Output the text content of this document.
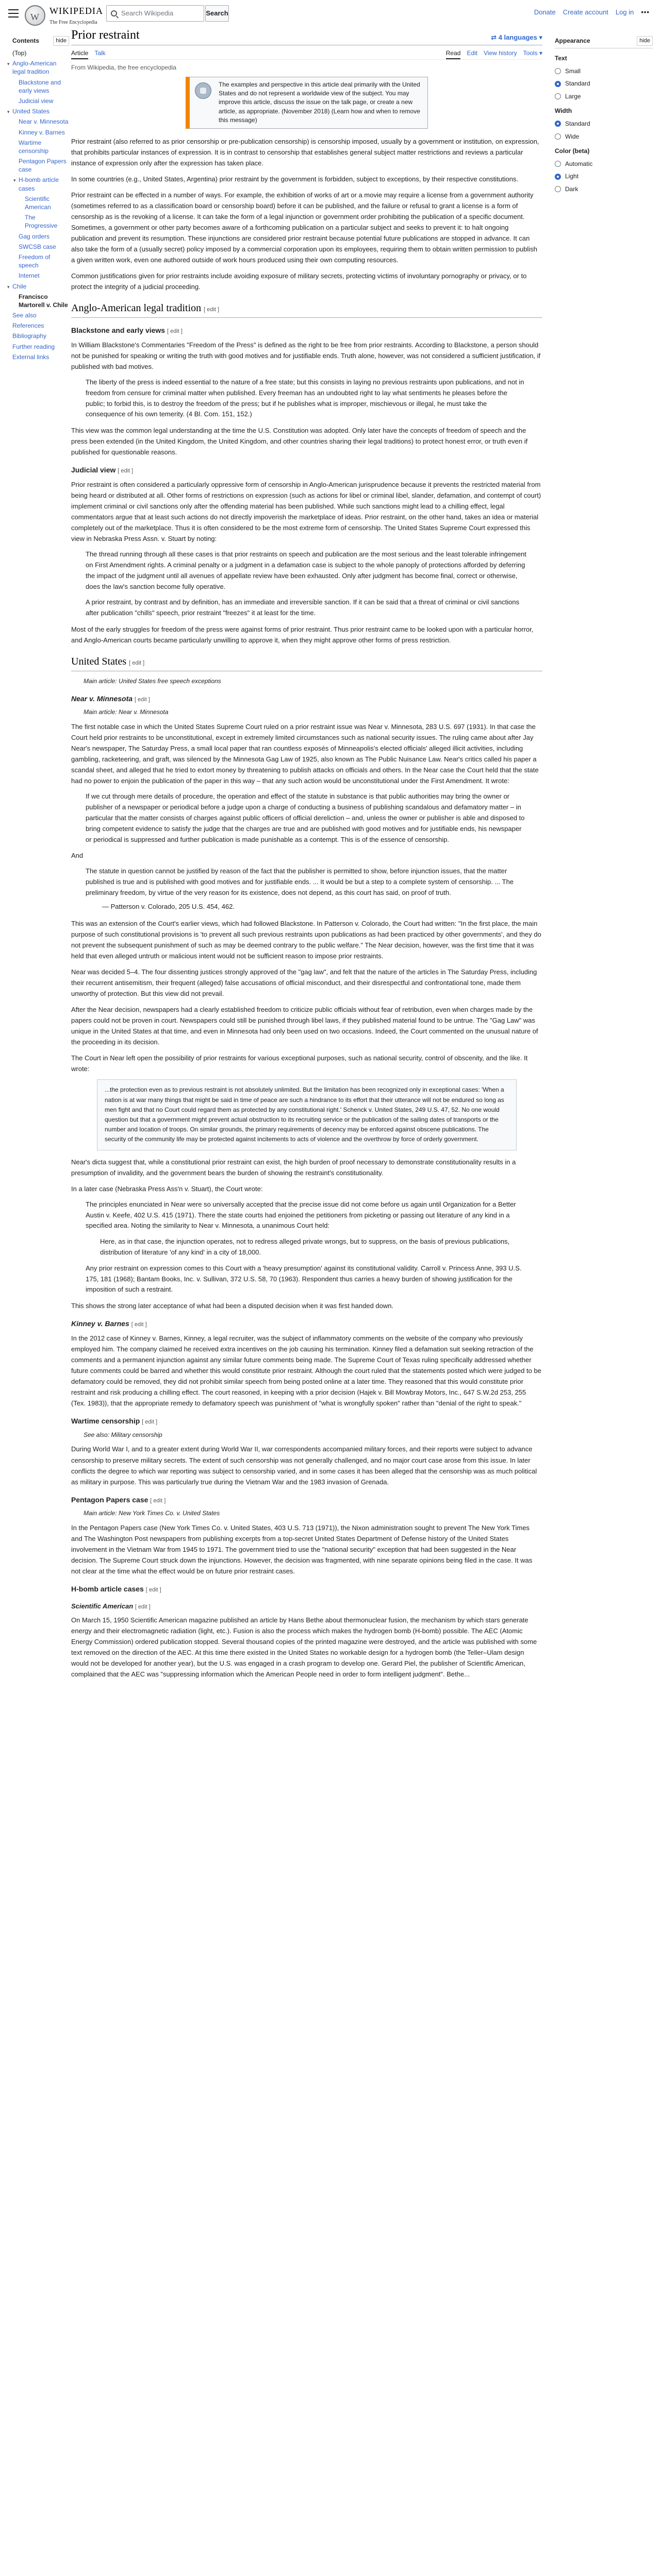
W
WIKIPEDIA
The Free Encyclopedia
Search Wikipedia	Search	Donate Create account Log in •••
Contents	hide
(Top)
▾ Anglo-American legal tradition
Blackstone and early views
Judicial view
▾ United States
Near v. Minnesota
Kinney v. Barnes
Wartime censorship
Pentagon Papers case
▾ H-bomb article cases
Scientific American
The Progressive
Gag orders
SWCSB case
Freedom of speech
Internet
▾ Chile
Francisco Martorell v. Chile
See also
References
Bibliography
Further reading
External links
Prior restraint	⇄ 4 languages ▾
Article Talk	Read Edit View history Tools ▾
From Wikipedia, the free encyclopedia
The examples and perspective in this article deal primarily with the United States and do not represent a worldwide view of the subject. You may improve this article, discuss the issue on the talk page, or create a new article, as appropriate. (November 2018) (Learn how and when to remove this message)

Prior restraint (also referred to as prior censorship or pre-publication censorship) is censorship imposed, usually by a government or institution, on expression, that prohibits particular instances of expression. It is in contrast to censorship that establishes general subject matter restrictions and reviews a particular instance of expression only after the expression has taken place.

In some countries (e.g., United States, Argentina) prior restraint by the government is forbidden, subject to exceptions, by their respective constitutions.

Prior restraint can be effected in a number of ways. For example, the exhibition of works of art or a movie may require a license from a government authority (sometimes referred to as a classification board or censorship board) before it can be published, and the failure or refusal to grant a license is a form of censorship as is the revoking of a license. It can take the form of a legal injunction or government order prohibiting the publication of a specific document. Sometimes, a government or other party becomes aware of a forthcoming publication on a particular subject and seeks to prevent it: to halt ongoing publication and prevent its resumption. These injunctions are considered prior restraint because potential future publications are stopped in advance. It can also take the form of a (usually secret) policy imposed by a commercial corporation upon its employees, requiring them to obtain written permission to publish a given written work, even one authored outside of work hours produced using their own computing resources.

Common justifications given for prior restraints include avoiding exposure of military secrets, protecting victims of involuntary pornography or privacy, or to protect the integrity of a judicial proceeding.

Anglo-American legal tradition [ edit ]
Blackstone and early views [ edit ]

In William Blackstone's Commentaries "Freedom of the Press" is defined as the right to be free from prior restraints. According to Blackstone, a person should not be punished for speaking or writing the truth with good motives and for justifiable ends. Truth alone, however, was not considered a sufficient justification, if published with bad motives.

The liberty of the press is indeed essential to the nature of a free state; but this consists in laying no previous restraints upon publications, and not in freedom from censure for criminal matter when published. Every freeman has an undoubted right to lay what sentiments he pleases before the public; to forbid this, is to destroy the freedom of the press; but if he publishes what is improper, mischievous or illegal, he must take the consequence of his own temerity. (4 Bl. Com. 151, 152.)

This view was the common legal understanding at the time the U.S. Constitution was adopted. Only later have the concepts of freedom of speech and the press been extended (in the United Kingdom, the United Kingdom, and other countries sharing their legal traditions) to protect honest error, or truth even if published for questionable reasons.

Judicial view [ edit ]

Prior restraint is often considered a particularly oppressive form of censorship in Anglo-American jurisprudence because it prevents the restricted material from being heard or distributed at all. Other forms of restrictions on expression (such as actions for libel or criminal libel, slander, defamation, and contempt of court) implement criminal or civil sanctions only after the offending material has been published. While such sanctions might lead to a chilling effect, legal commentators argue that at least such actions do not directly impoverish the marketplace of ideas. Prior restraint, on the other hand, takes an idea or material completely out of the marketplace. Thus it is often considered to be the most extreme form of censorship. The United States Supreme Court expressed this view in Nebraska Press Assn. v. Stuart by noting:

The thread running through all these cases is that prior restraints on speech and publication are the most serious and the least tolerable infringement on First Amendment rights. A criminal penalty or a judgment in a defamation case is subject to the whole panoply of protections afforded by deferring the impact of the judgment until all avenues of appellate review have been exhausted. Only after judgment has become final, correct or otherwise, does the law's sanction become fully operative.
A prior restraint, by contrast and by definition, has an immediate and irreversible sanction. If it can be said that a threat of criminal or civil sanctions after publication "chills" speech, prior restraint "freezes" it at least for the time.

Most of the early struggles for freedom of the press were against forms of prior restraint. Thus prior restraint came to be looked upon with a particular horror, and Anglo-American courts became particularly unwilling to approve it, when they might approve other forms of press restriction.

United States [ edit ]
Main article: United States free speech exceptions
Near v. Minnesota [ edit ]
Main article: Near v. Minnesota

The first notable case in which the United States Supreme Court ruled on a prior restraint issue was Near v. Minnesota, 283 U.S. 697 (1931). In that case the Court held prior restraints to be unconstitutional, except in extremely limited circumstances such as national security issues. The ruling came about after Jay Near's newspaper, The Saturday Press, a small local paper that ran countless exposés of Minneapolis's elected officials' alleged illicit activities, including gambling, racketeering, and graft, was silenced by the Minnesota Gag Law of 1925, also known as The Public Nuisance Law. Near's critics called his paper a scandal sheet, and alleged that he tried to extort money by threatening to publish attacks on officials and others. In the Near case the Court held that the state had no power to enjoin the publication of the paper in this way – that any such action would be unconstitutional under the First Amendment. It wrote:

If we cut through mere details of procedure, the operation and effect of the statute in substance is that public authorities may bring the owner or publisher of a newspaper or periodical before a judge upon a charge of conducting a business of publishing scandalous and defamatory matter – in particular that the matter consists of charges against public officers of official dereliction – and, unless the owner or publisher is able and disposed to bring competent evidence to satisfy the judge that the charges are true and are published with good motives and for justifiable ends, his newspaper or periodical is suppressed and further publication is made punishable as a contempt. This is of the essence of censorship.

And

The statute in question cannot be justified by reason of the fact that the publisher is permitted to show, before injunction issues, that the matter published is true and is published with good motives and for justifiable ends. ... It would be but a step to a complete system of censorship. ... The preliminary freedom, by virtue of the very reason for its existence, does not depend, as this court has said, on proof of truth.
— Patterson v. Colorado, 205 U.S. 454, 462.

This was an extension of the Court's earlier views, which had followed Blackstone. In Patterson v. Colorado, the Court had written: "In the first place, the main purpose of such constitutional provisions is 'to prevent all such previous restraints upon publications as had been practiced by other governments', and they do not prevent the subsequent punishment of such as may be deemed contrary to the public welfare." The Near decision, however, was the first time that it was held that even alleged untruth or malicious intent would not be sufficient reason to impose prior restraints.

Near was decided 5–4. The four dissenting justices strongly approved of the "gag law", and felt that the nature of the articles in The Saturday Press, including their recurrent antisemitism, their frequent (alleged) false accusations of official misconduct, and their disrespectful and confrontational tone, made them unworthy of protection. But this view did not prevail.

After the Near decision, newspapers had a clearly established freedom to criticize public officials without fear of retribution, even when charges made by the papers could not be proven in court. Newspapers could still be punished through libel laws, if they published material found to be untrue. The "Gag Law" was unique in the United States at that time, and even in Minnesota had only been used on two occasions. Indeed, the Court commented on the unusual nature of the proceeding in its decision.

The Court in Near left open the possibility of prior restraints for various exceptional purposes, such as national security, control of obscenity, and the like. It wrote:

...the protection even as to previous restraint is not absolutely unlimited. But the limitation has been recognized only in exceptional cases: 'When a nation is at war many things that might be said in time of peace are such a hindrance to its effort that their utterance will not be endured so long as men fight and that no Court could regard them as protected by any constitutional right.' Schenck v. United States, 249 U.S. 47, 52. No one would question but that a government might prevent actual obstruction to its recruiting service or the publication of the sailing dates of transports or the number and location of troops. On similar grounds, the primary requirements of decency may be enforced against obscene publications. The security of the community life may be protected against incitements to acts of violence and the overthrow by force of orderly government.

Near's dicta suggest that, while a constitutional prior restraint can exist, the high burden of proof necessary to demonstrate constitutionality results in a presumption of invalidity, and the government bears the burden of showing the restraint's constitutionality.

In a later case (Nebraska Press Ass'n v. Stuart), the Court wrote:

The principles enunciated in Near were so universally accepted that the precise issue did not come before us again until Organization for a Better Austin v. Keefe, 402 U.S. 415 (1971). There the state courts had enjoined the petitioners from picketing or passing out literature of any kind in a specified area. Noting the similarity to Near v. Minnesota, a unanimous Court held:
Here, as in that case, the injunction operates, not to redress alleged private wrongs, but to suppress, on the basis of previous publications, distribution of literature 'of any kind' in a city of 18,000.
Any prior restraint on expression comes to this Court with a 'heavy presumption' against its constitutional validity. Carroll v. Princess Anne, 393 U.S. 175, 181 (1968); Bantam Books, Inc. v. Sullivan, 372 U.S. 58, 70 (1963). Respondent thus carries a heavy burden of showing justification for the imposition of such a restraint.

This shows the strong later acceptance of what had been a disputed decision when it was first handed down.

Kinney v. Barnes [ edit ]

In the 2012 case of Kinney v. Barnes, Kinney, a legal recruiter, was the subject of inflammatory comments on the website of the company who previously employed him. The company claimed he received extra incentives on the job causing his termination. Kinney filed a defamation suit seeking retraction of the comments and a permanent injunction against any similar future comments being made. The Supreme Court of Texas ruling specifically addressed whether future comments could be barred and whether this would constitute prior restraint. Although the court ruled that the statements posted which were judged to be defamatory could be removed, they did not prohibit similar speech from being posted online at a later time. They reasoned that this would constitute prior restraint and risk producing a chilling effect. The court reasoned, in keeping with a prior decision (Hajek v. Bill Mowbray Motors, Inc., 647 S.W.2d 253, 255 (Tex. 1983)), that the appropriate remedy to defamatory speech was punishment of "what is wrongfully spoken" rather than "denial of the right to speak."

Wartime censorship [ edit ]
See also: Military censorship

During World War I, and to a greater extent during World War II, war correspondents accompanied military forces, and their reports were subject to advance censorship to preserve military secrets. The extent of such censorship was not generally challenged, and no major court case arose from this issue. In later conflicts the degree to which war reporting was subject to censorship varied, and in some cases it has been alleged that the censorship was as much political as military in purpose. This was particularly true during the Vietnam War and the 1983 invasion of Grenada.

Pentagon Papers case [ edit ]
Main article: New York Times Co. v. United States

In the Pentagon Papers case (New York Times Co. v. United States, 403 U.S. 713 (1971)), the Nixon administration sought to prevent The New York Times and The Washington Post newspapers from publishing excerpts from a top-secret United States Department of Defense history of the United States involvement in the Vietnam War from 1945 to 1971. The government tried to use the "national security" exception that had been suggested in the Near decision. The Supreme Court struck down the injunctions. However, the decision was fragmented, with nine separate opinions being filed in the case. It was not clear at the time what the effect would be on future prior restraint cases.

H-bomb article cases [ edit ]
Scientific American [ edit ]

On March 15, 1950 Scientific American magazine published an article by Hans Bethe about thermonuclear fusion, the mechanism by which stars generate energy and their electromagnetic radiation (light, etc.). Fusion is also the process which makes the hydrogen bomb (H-bomb) possible. The AEC (Atomic Energy Commission) ordered publication stopped. Several thousand copies of the printed magazine were destroyed, and the article was published with some text removed on the direction of the AEC. At this time there existed in the United States no workable design for a hydrogen bomb (the Teller–Ulam design would not be developed for another year), but the U.S. was engaged in a crash program to develop one. Gerard Piel, the publisher of Scientific American, complained that the AEC was "suppressing information which the American People need in order to form intelligent judgment". Bethe...

Appearance	hide
Text
Small
Standard
Large
Width
Standard
Wide
Color (beta)
Automatic
Light
Dark
